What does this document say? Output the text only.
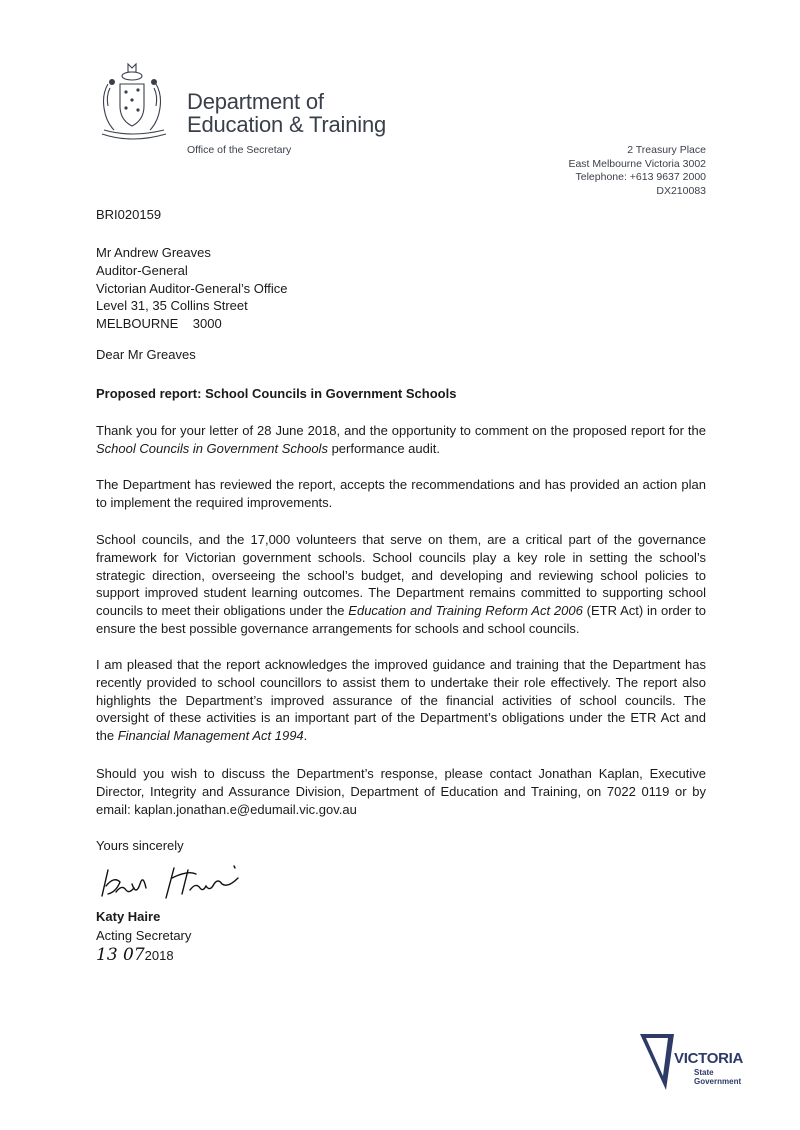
Department of
Education & Training
Office of the Secretary	2 Treasury Place
East Melbourne Victoria 3002
Telephone: +613 9637 2000
DX210083
BRI020159
Mr Andrew Greaves
Auditor-General
Victorian Auditor-General’s Office
Level 31, 35 Collins Street
MELBOURNE    3000
Dear Mr Greaves
Proposed report: School Councils in Government Schools
Thank you for your letter of 28 June 2018, and the opportunity to comment on the proposed report for the School Councils in Government Schools performance audit.
The Department has reviewed the report, accepts the recommendations and has provided an action plan to implement the required improvements.
School councils, and the 17,000 volunteers that serve on them, are a critical part of the governance framework for Victorian government schools. School councils play a key role in setting the school’s strategic direction, overseeing the school’s budget, and developing and reviewing school policies to support improved student learning outcomes. The Department remains committed to supporting school councils to meet their obligations under the Education and Training Reform Act 2006 (ETR Act) in order to ensure the best possible governance arrangements for schools and school councils.
I am pleased that the report acknowledges the improved guidance and training that the Department has recently provided to school councillors to assist them to undertake their role effectively. The report also highlights the Department’s improved assurance of the financial activities of school councils. The oversight of these activities is an important part of the Department’s obligations under the ETR Act and the Financial Management Act 1994.
Should you wish to discuss the Department’s response, please contact Jonathan Kaplan, Executive Director, Integrity and Assurance Division, Department of Education and Training, on 7022 0119 or by email: kaplan.jonathan.e@edumail.vic.gov.au
Yours sincerely
Katy Haire
Acting Secretary
13 072018
VICTORIA
State
Government
